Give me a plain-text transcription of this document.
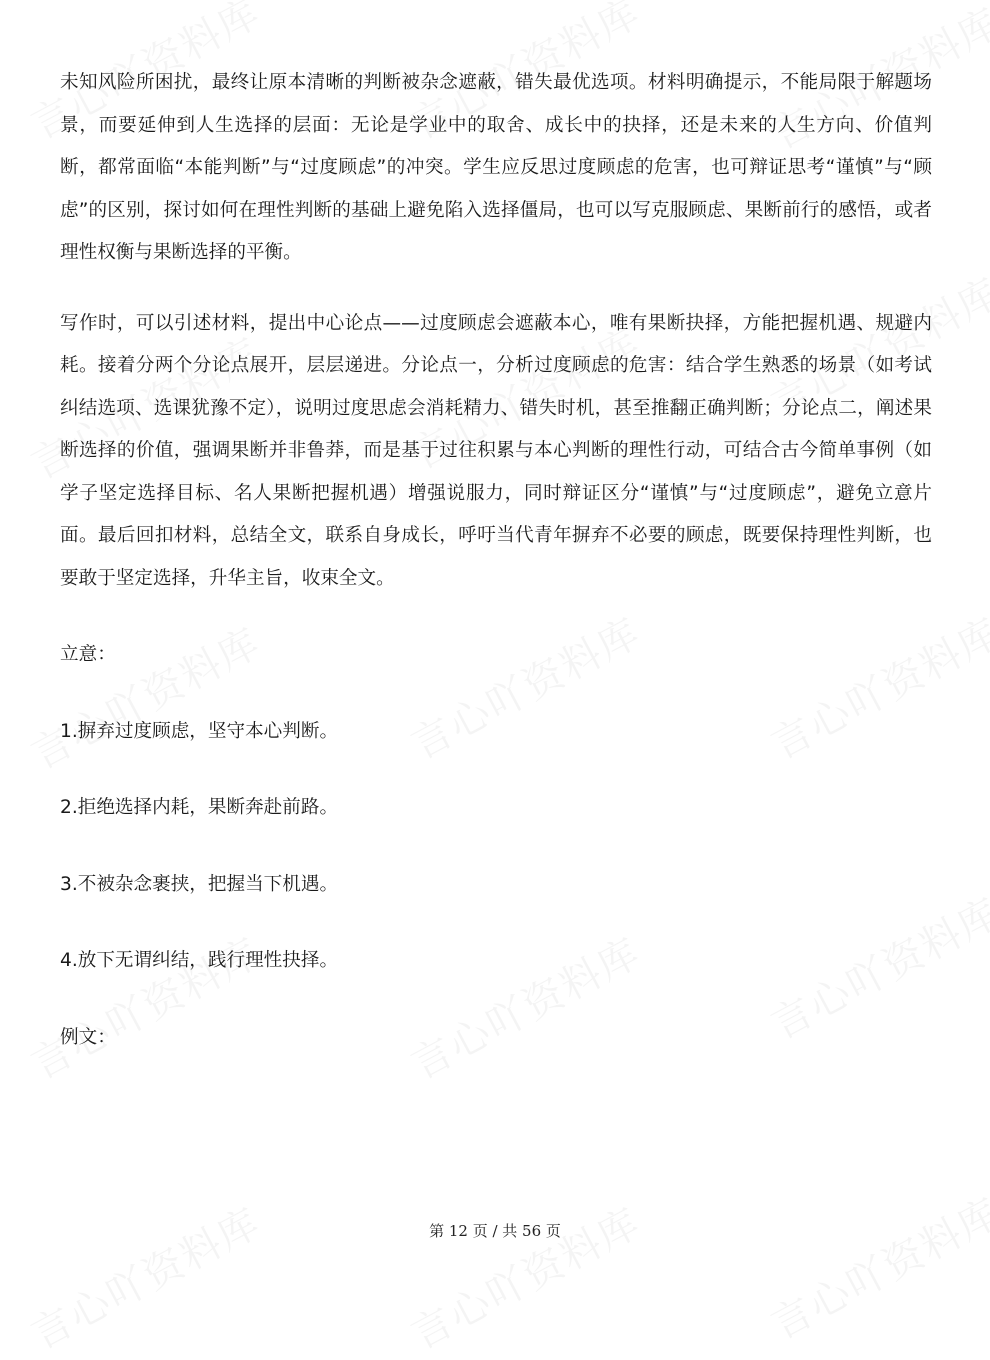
未知风险所困扰，最终让原本清晰的判断被杂念遮蔽，错失最优选项。材料明确提示，不能局限于解题场景，而要延伸到人生选择的层面：无论是学业中的取舍、成长中的抉择，还是未来的人生方向、价值判断，都常面临“本能判断”与“过度顾虑”的冲突。学生应反思过度顾虑的危害，也可辩证思考“谨慎”与“顾虑”的区别，探讨如何在理性判断的基础上避免陷入选择僵局，也可以写克服顾虑、果断前行的感悟，或者理性权衡与果断选择的平衡。

写作时，可以引述材料，提出中心论点——过度顾虑会遮蔽本心，唯有果断抉择，方能把握机遇、规避内耗。接着分两个分论点展开，层层递进。分论点一，分析过度顾虑的危害：结合学生熟悉的场景（如考试纠结选项、选课犹豫不定），说明过度思虑会消耗精力、错失时机，甚至推翻正确判断；分论点二，阐述果断选择的价值，强调果断并非鲁莽，而是基于过往积累与本心判断的理性行动，可结合古今简单事例（如学子坚定选择目标、名人果断把握机遇）增强说服力，同时辩证区分“谨慎”与“过度顾虑”，避免立意片面。最后回扣材料，总结全文，联系自身成长，呼吁当代青年摒弃不必要的顾虑，既要保持理性判断，也要敢于坚定选择，升华主旨，收束全文。

立意：

1.摒弃过度顾虑，坚守本心判断。

2.拒绝选择内耗，果断奔赴前路。

3.不被杂念裹挟，把握当下机遇。

4.放下无谓纠结，践行理性抉择。

例文：

第 12 页 / 共 56 页
